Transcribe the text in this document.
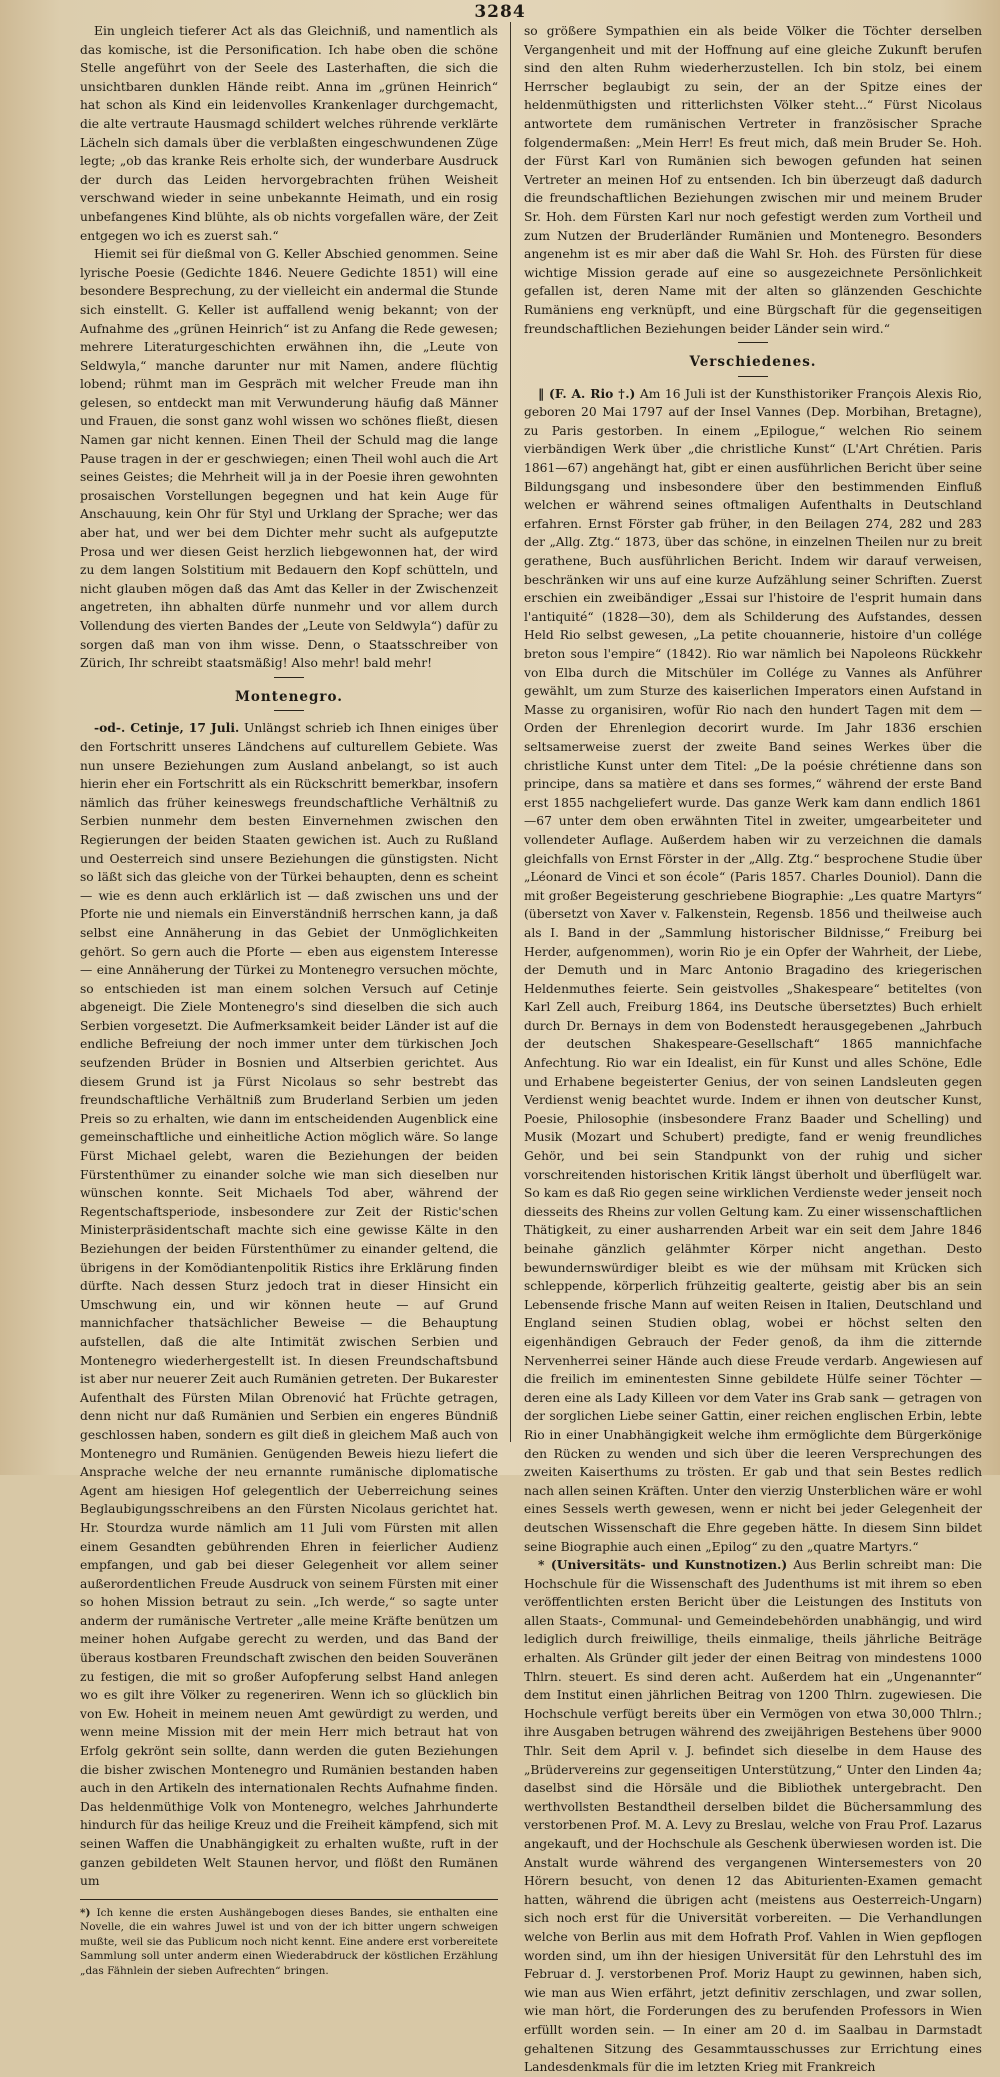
3284

Ein ungleich tieferer Act als das Gleichniß, und namentlich als das komische, ist die Personification. Ich habe oben die schöne Stelle angeführt von der Seele des Lasterhaften, die sich die unsichtbaren dunklen Hände reibt. Anna im „grünen Heinrich“ hat schon als Kind ein leidenvolles Krankenlager durchgemacht, die alte vertraute Hausmagd schildert welches rührende verklärte Lächeln sich damals über die verblaßten eingeschwundenen Züge legte; „ob das kranke Reis erholte sich, der wunderbare Ausdruck der durch das Leiden hervorgebrachten frühen Weisheit verschwand wieder in seine unbekannte Heimath, und ein rosig unbefangenes Kind blühte, als ob nichts vorgefallen wäre, der Zeit entgegen wo ich es zuerst sah.“

Hiemit sei für dießmal von G. Keller Abschied genommen. Seine lyrische Poesie (Gedichte 1846. Neuere Gedichte 1851) will eine besondere Besprechung, zu der vielleicht ein andermal die Stunde sich einstellt. G. Keller ist auffallend wenig bekannt; von der Aufnahme des „grünen Heinrich“ ist zu Anfang die Rede gewesen; mehrere Literaturgeschichten erwähnen ihn, die „Leute von Seldwyla,“ manche darunter nur mit Namen, andere flüchtig lobend; rühmt man im Gespräch mit welcher Freude man ihn gelesen, so entdeckt man mit Verwunderung häufig daß Männer und Frauen, die sonst ganz wohl wissen wo schönes fließt, diesen Namen gar nicht kennen. Einen Theil der Schuld mag die lange Pause tragen in der er geschwiegen; einen Theil wohl auch die Art seines Geistes; die Mehrheit will ja in der Poesie ihren gewohnten prosaischen Vorstellungen begegnen und hat kein Auge für Anschauung, kein Ohr für Styl und Urklang der Sprache; wer das aber hat, und wer bei dem Dichter mehr sucht als aufgeputzte Prosa und wer diesen Geist herzlich liebgewonnen hat, der wird zu dem langen Solstitium mit Bedauern den Kopf schütteln, und nicht glauben mögen daß das Amt das Keller in der Zwischenzeit angetreten, ihn abhalten dürfe nunmehr und vor allem durch Vollendung des vierten Bandes der „Leute von Seldwyla“) dafür zu sorgen daß man von ihm wisse. Denn, o Staatsschreiber von Zürich, Ihr schreibt staatsmäßig! Also mehr! bald mehr!

Montenegro.

-od-. Cetinje, 17 Juli. Unlängst schrieb ich Ihnen einiges über den Fortschritt unseres Ländchens auf culturellem Gebiete. Was nun unsere Beziehungen zum Ausland anbelangt, so ist auch hierin eher ein Fortschritt als ein Rückschritt bemerkbar, insofern nämlich das früher keineswegs freundschaftliche Verhältniß zu Serbien nunmehr dem besten Einvernehmen zwischen den Regierungen der beiden Staaten gewichen ist. Auch zu Rußland und Oesterreich sind unsere Beziehungen die günstigsten. Nicht so läßt sich das gleiche von der Türkei behaupten, denn es scheint — wie es denn auch erklärlich ist — daß zwischen uns und der Pforte nie und niemals ein Einverständniß herrschen kann, ja daß selbst eine Annäherung in das Gebiet der Unmöglichkeiten gehört. So gern auch die Pforte — eben aus eigenstem Interesse — eine Annäherung der Türkei zu Montenegro versuchen möchte, so entschieden ist man einem solchen Versuch auf Cetinje abgeneigt. Die Ziele Montenegro's sind dieselben die sich auch Serbien vorgesetzt. Die Aufmerksamkeit beider Länder ist auf die endliche Befreiung der noch immer unter dem türkischen Joch seufzenden Brüder in Bosnien und Altserbien gerichtet. Aus diesem Grund ist ja Fürst Nicolaus so sehr bestrebt das freundschaftliche Verhältniß zum Bruderland Serbien um jeden Preis so zu erhalten, wie dann im entscheidenden Augenblick eine gemeinschaftliche und einheitliche Action möglich wäre. So lange Fürst Michael gelebt, waren die Beziehungen der beiden Fürstenthümer zu einander solche wie man sich dieselben nur wünschen konnte. Seit Michaels Tod aber, während der Regentschaftsperiode, insbesondere zur Zeit der Ristic'schen Ministerpräsidentschaft machte sich eine gewisse Kälte in den Beziehungen der beiden Fürstenthümer zu einander geltend, die übrigens in der Komödiantenpolitik Ristics ihre Erklärung finden dürfte. Nach dessen Sturz jedoch trat in dieser Hinsicht ein Umschwung ein, und wir können heute — auf Grund mannichfacher thatsächlicher Beweise — die Behauptung aufstellen, daß die alte Intimität zwischen Serbien und Montenegro wiederhergestellt ist. In diesen Freundschaftsbund ist aber nur neuerer Zeit auch Rumänien getreten. Der Bukarester Aufenthalt des Fürsten Milan Obrenović hat Früchte getragen, denn nicht nur daß Rumänien und Serbien ein engeres Bündniß geschlossen haben, sondern es gilt dieß in gleichem Maß auch von Montenegro und Rumänien. Genügenden Beweis hiezu liefert die Ansprache welche der neu ernannte rumänische diplomatische Agent am hiesigen Hof gelegentlich der Ueberreichung seines Beglaubigungsschreibens an den Fürsten Nicolaus gerichtet hat. Hr. Stourdza wurde nämlich am 11 Juli vom Fürsten mit allen einem Gesandten gebührenden Ehren in feierlicher Audienz empfangen, und gab bei dieser Gelegenheit vor allem seiner außerordentlichen Freude Ausdruck von seinem Fürsten mit einer so hohen Mission betraut zu sein. „Ich werde,“ so sagte unter anderm der rumänische Vertreter „alle meine Kräfte benützen um meiner hohen Aufgabe gerecht zu werden, und das Band der überaus kostbaren Freundschaft zwischen den beiden Souveränen zu festigen, die mit so großer Aufopferung selbst Hand anlegen wo es gilt ihre Völker zu regeneriren. Wenn ich so glücklich bin von Ew. Hoheit in meinem neuen Amt gewürdigt zu werden, und wenn meine Mission mit der mein Herr mich betraut hat von Erfolg gekrönt sein sollte, dann werden die guten Beziehungen die bisher zwischen Montenegro und Rumänien bestanden haben auch in den Artikeln des internationalen Rechts Aufnahme finden. Das heldenmüthige Volk von Montenegro, welches Jahrhunderte hindurch für das heilige Kreuz und die Freiheit kämpfend, sich mit seinen Waffen die Unabhängigkeit zu erhalten wußte, ruft in der ganzen gebildeten Welt Staunen hervor, und flößt den Rumänen um

*) Ich kenne die ersten Aushängebogen dieses Bandes, sie enthalten eine Novelle, die ein wahres Juwel ist und von der ich bitter ungern schweigen mußte, weil sie das Publicum noch nicht kennt. Eine andere erst vorbereitete Sammlung soll unter anderm einen Wiederabdruck der köstlichen Erzählung „das Fähnlein der sieben Aufrechten“ bringen.

so größere Sympathien ein als beide Völker die Töchter derselben Vergangenheit und mit der Hoffnung auf eine gleiche Zukunft berufen sind den alten Ruhm wiederherzustellen. Ich bin stolz, bei einem Herrscher beglaubigt zu sein, der an der Spitze eines der heldenmüthigsten und ritterlichsten Völker steht...“ Fürst Nicolaus antwortete dem rumänischen Vertreter in französischer Sprache folgendermaßen: „Mein Herr! Es freut mich, daß mein Bruder Se. Hoh. der Fürst Karl von Rumänien sich bewogen gefunden hat seinen Vertreter an meinen Hof zu entsenden. Ich bin überzeugt daß dadurch die freundschaftlichen Beziehungen zwischen mir und meinem Bruder Sr. Hoh. dem Fürsten Karl nur noch gefestigt werden zum Vortheil und zum Nutzen der Bruderländer Rumänien und Montenegro. Besonders angenehm ist es mir aber daß die Wahl Sr. Hoh. des Fürsten für diese wichtige Mission gerade auf eine so ausgezeichnete Persönlichkeit gefallen ist, deren Name mit der alten so glänzenden Geschichte Rumäniens eng verknüpft, und eine Bürgschaft für die gegenseitigen freundschaftlichen Beziehungen beider Länder sein wird.“

Verschiedenes.

‖ (F. A. Rio †.) Am 16 Juli ist der Kunsthistoriker François Alexis Rio, geboren 20 Mai 1797 auf der Insel Vannes (Dep. Morbihan, Bretagne), zu Paris gestorben. In einem „Epilogue,“ welchen Rio seinem vierbändigen Werk über „die christliche Kunst“ (L'Art Chrétien. Paris 1861—67) angehängt hat, gibt er einen ausführlichen Bericht über seine Bildungsgang und insbesondere über den bestimmenden Einfluß welchen er während seines oftmaligen Aufenthalts in Deutschland erfahren. Ernst Förster gab früher, in den Beilagen 274, 282 und 283 der „Allg. Ztg.“ 1873, über das schöne, in einzelnen Theilen nur zu breit gerathene, Buch ausführlichen Bericht. Indem wir darauf verweisen, beschränken wir uns auf eine kurze Aufzählung seiner Schriften. Zuerst erschien ein zweibändiger „Essai sur l'histoire de l'esprit humain dans l'antiquité“ (1828—30), dem als Schilderung des Aufstandes, dessen Held Rio selbst gewesen, „La petite chouannerie, histoire d'un collége breton sous l'empire“ (1842). Rio war nämlich bei Napoleons Rückkehr von Elba durch die Mitschüler im Collége zu Vannes als Anführer gewählt, um zum Sturze des kaiserlichen Imperators einen Aufstand in Masse zu organisiren, wofür Rio nach den hundert Tagen mit dem — Orden der Ehrenlegion decorirt wurde. Im Jahr 1836 erschien seltsamerweise zuerst der zweite Band seines Werkes über die christliche Kunst unter dem Titel: „De la poésie chrétienne dans son principe, dans sa matière et dans ses formes,“ während der erste Band erst 1855 nachgeliefert wurde. Das ganze Werk kam dann endlich 1861—67 unter dem oben erwähnten Titel in zweiter, umgearbeiteter und vollendeter Auflage. Außerdem haben wir zu verzeichnen die damals gleichfalls von Ernst Förster in der „Allg. Ztg.“ besprochene Studie über „Léonard de Vinci et son école“ (Paris 1857. Charles Douniol). Dann die mit großer Begeisterung geschriebene Biographie: „Les quatre Martyrs“ (übersetzt von Xaver v. Falkenstein, Regensb. 1856 und theilweise auch als I. Band in der „Sammlung historischer Bildnisse,“ Freiburg bei Herder, aufgenommen), worin Rio je ein Opfer der Wahrheit, der Liebe, der Demuth und in Marc Antonio Bragadino des kriegerischen Heldenmuthes feierte. Sein geistvolles „Shakespeare“ betiteltes (von Karl Zell auch, Freiburg 1864, ins Deutsche übersetztes) Buch erhielt durch Dr. Bernays in dem von Bodenstedt herausgegebenen „Jahrbuch der deutschen Shakespeare-Gesellschaft“ 1865 mannichfache Anfechtung. Rio war ein Idealist, ein für Kunst und alles Schöne, Edle und Erhabene begeisterter Genius, der von seinen Landsleuten gegen Verdienst wenig beachtet wurde. Indem er ihnen von deutscher Kunst, Poesie, Philosophie (insbesondere Franz Baader und Schelling) und Musik (Mozart und Schubert) predigte, fand er wenig freundliches Gehör, und bei sein Standpunkt von der ruhig und sicher vorschreitenden historischen Kritik längst überholt und überflügelt war. So kam es daß Rio gegen seine wirklichen Verdienste weder jenseit noch diesseits des Rheins zur vollen Geltung kam. Zu einer wissenschaftlichen Thätigkeit, zu einer ausharrenden Arbeit war ein seit dem Jahre 1846 beinahe gänzlich gelähmter Körper nicht angethan. Desto bewundernswürdiger bleibt es wie der mühsam mit Krücken sich schleppende, körperlich frühzeitig gealterte, geistig aber bis an sein Lebensende frische Mann auf weiten Reisen in Italien, Deutschland und England seinen Studien oblag, wobei er höchst selten den eigenhändigen Gebrauch der Feder genoß, da ihm die zitternde Nervenherrei seiner Hände auch diese Freude verdarb. Angewiesen auf die freilich im eminentesten Sinne gebildete Hülfe seiner Töchter — deren eine als Lady Killeen vor dem Vater ins Grab sank — getragen von der sorglichen Liebe seiner Gattin, einer reichen englischen Erbin, lebte Rio in einer Unabhängigkeit welche ihm ermöglichte dem Bürgerkönige den Rücken zu wenden und sich über die leeren Versprechungen des zweiten Kaiserthums zu trösten. Er gab und that sein Bestes redlich nach allen seinen Kräften. Unter den vierzig Unsterblichen wäre er wohl eines Sessels werth gewesen, wenn er nicht bei jeder Gelegenheit der deutschen Wissenschaft die Ehre gegeben hätte. In diesem Sinn bildet seine Biographie auch einen „Epilog“ zu den „quatre Martyrs.“

* (Universitäts- und Kunstnotizen.) Aus Berlin schreibt man: Die Hochschule für die Wissenschaft des Judenthums ist mit ihrem so eben veröffentlichten ersten Bericht über die Leistungen des Instituts von allen Staats-, Communal- und Gemeindebehörden unabhängig, und wird lediglich durch freiwillige, theils einmalige, theils jährliche Beiträge erhalten. Als Gründer gilt jeder der einen Beitrag von mindestens 1000 Thlrn. steuert. Es sind deren acht. Außerdem hat ein „Ungenannter“ dem Institut einen jährlichen Beitrag von 1200 Thlrn. zugewiesen. Die Hochschule verfügt bereits über ein Vermögen von etwa 30,000 Thlrn.; ihre Ausgaben betrugen während des zweijährigen Bestehens über 9000 Thlr. Seit dem April v. J. befindet sich dieselbe in dem Hause des „Brüdervereins zur gegenseitigen Unterstützung,“ Unter den Linden 4a; daselbst sind die Hörsäle und die Bibliothek untergebracht. Den werthvollsten Bestandtheil derselben bildet die Büchersammlung des verstorbenen Prof. M. A. Levy zu Breslau, welche von Frau Prof. Lazarus angekauft, und der Hochschule als Geschenk überwiesen worden ist. Die Anstalt wurde während des vergangenen Wintersemesters von 20 Hörern besucht, von denen 12 das Abiturienten-Examen gemacht hatten, während die übrigen acht (meistens aus Oesterreich-Ungarn) sich noch erst für die Universität vorbereiten. — Die Verhandlungen welche von Berlin aus mit dem Hofrath Prof. Vahlen in Wien gepflogen worden sind, um ihn der hiesigen Universität für den Lehrstuhl des im Februar d. J. verstorbenen Prof. Moriz Haupt zu gewinnen, haben sich, wie man aus Wien erfährt, jetzt definitiv zerschlagen, und zwar sollen, wie man hört, die Forderungen des zu berufenden Professors in Wien erfüllt worden sein. — In einer am 20 d. im Saalbau in Darmstadt gehaltenen Sitzung des Gesammtausschusses zur Errichtung eines Landesdenkmals für die im letzten Krieg mit Frankreich
